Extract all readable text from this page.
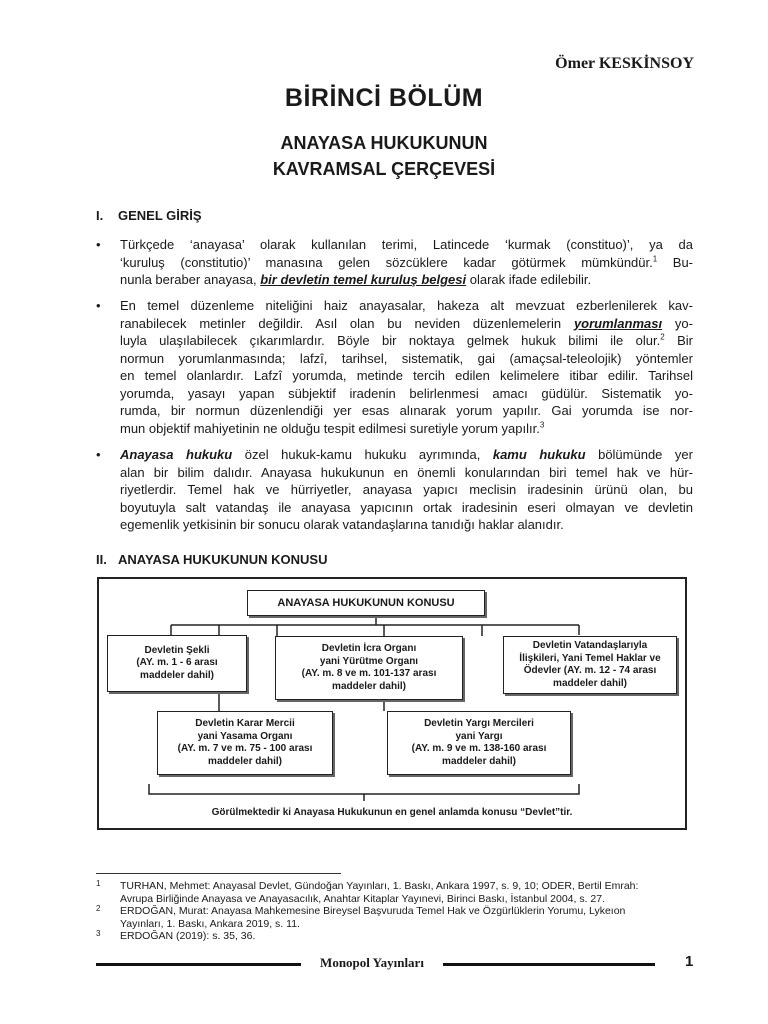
Ömer KESKİNSOY
BİRİNCİ BÖLÜM
ANAYASA HUKUKUNUN
KAVRAMSAL ÇERÇEVESİ
I. GENEL GİRİŞ
• Türkçede ‘anayasa’ olarak kullanılan terimi, Latincede ‘kurmak (constituo)’, ya da
‘kuruluş (constitutio)’ manasına gelen sözcüklere kadar götürmek mümkündür.$^1$ Bu-
nunla beraber anayasa, bir devletin temel kuruluş belgesi olarak ifade edilebilir.
• En temel düzenleme niteliğini haiz anayasalar, hakeza alt mevzuat ezberlenilerek kav-
ranabilecek metinler değildir. Asıl olan bu neviden düzenlemelerin yorumlanması yo-
luyla ulaşılabilecek çıkarımlardır. Böyle bir noktaya gelmek hukuk bilimi ile olur.$^2$ Bir
normun yorumlanmasında; lafzî, tarihsel, sistematik, gai (amaçsal-teleolojik) yöntemler
en temel olanlardır. Lafzî yorumda, metinde tercih edilen kelimelere itibar edilir. Tarihsel
yorumda, yasayı yapan sübjektif iradenin belirlenmesi amacı güdülür. Sistematik yo-
rumda, bir normun düzenlendiği yer esas alınarak yorum yapılır. Gai yorumda ise nor-
mun objektif mahiyetinin ne olduğu tespit edilmesi suretiyle yorum yapılır.$^3$
• Anayasa hukuku özel hukuk-kamu hukuku ayrımında, kamu hukuku bölümünde yer
alan bir bilim dalıdır. Anayasa hukukunun en önemli konularından biri temel hak ve hür-
riyetlerdir. Temel hak ve hürriyetler, anayasa yapıcı meclisin iradesinin ürünü olan, bu
boyutuyla salt vatandaş ile anayasa yapıcının ortak iradesinin eseri olmayan ve devletin
egemenlik yetkisinin bir sonucu olarak vatandaşlarına tanıdığı haklar alanıdır.
II. ANAYASA HUKUKUNUN KONUSU
ANAYASA HUKUKUNUN KONUSU
Devletin Şekli
(AY. m. 1 - 6 arası
maddeler dahil)
Devletin İcra Organı
yani Yürütme Organı
(AY. m. 8 ve m. 101-137 arası
maddeler dahil)
Devletin Vatandaşlarıyla
İlişkileri, Yani Temel Haklar ve
Ödevler (AY. m. 12 - 74 arası
maddeler dahil)
Devletin Karar Mercii
yani Yasama Organı
(AY. m. 7 ve m. 75 - 100 arası
maddeler dahil)
Devletin Yargı Mercileri
yani Yargı
(AY. m. 9 ve m. 138-160 arası
maddeler dahil)
Görülmektedir ki Anayasa Hukukunun en genel anlamda konusu “Devlet”tir.
1 TURHAN, Mehmet: Anayasal Devlet, Gündoğan Yayınları, 1. Baskı, Ankara 1997, s. 9, 10; ODER, Bertil Emrah:
Avrupa Birliğinde Anayasa ve Anayasacılık, Anahtar Kitaplar Yayınevi, Birinci Baskı, İstanbul 2004, s. 27.
2 ERDOĞAN, Murat: Anayasa Mahkemesine Bireysel Başvuruda Temel Hak ve Özgürlüklerin Yorumu, Lykeıon
Yayınları, 1. Baskı, Ankara 2019, s. 11.
3 ERDOĞAN (2019): s. 35, 36.
Monopol Yayınları	1
